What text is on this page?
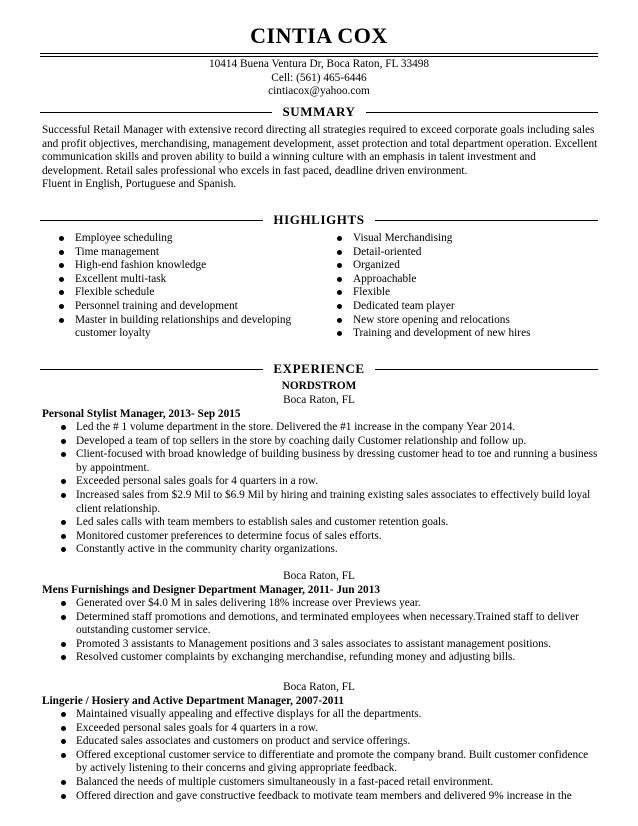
CINTIA COX
10414 Buena Ventura Dr, Boca Raton, FL 33498
Cell: (561) 465-6446
cintiacox@yahoo.com
SUMMARY

Successful Retail Manager with extensive record directing all strategies required to exceed corporate goals including sales and profit objectives, merchandising, management development, asset protection and total department operation. Excellent communication skills and proven ability to build a winning culture with an emphasis in talent investment and development. Retail sales professional who excels in fast paced, deadline driven environment.

Fluent in English, Portuguese and Spanish.

HIGHLIGHTS
Employee scheduling
Time management
High-end fashion knowledge
Excellent multi-task
Flexible schedule
Personnel training and development
Master in building relationships and developing customer loyalty
Visual Merchandising
Detail-oriented
Organized
Approachable
Flexible
Dedicated team player
New store opening and relocations
Training and development of new hires
EXPERIENCE
NORDSTROM
Boca Raton, FL
Personal Stylist Manager, 2013- Sep 2015
Led the # 1 volume department in the store. Delivered the #1 increase in the company Year 2014.
Developed a team of top sellers in the store by coaching daily Customer relationship and follow up.
Client-focused with broad knowledge of building business by dressing customer head to toe and running a business by appointment.
Exceeded personal sales goals for 4 quarters in a row.
Increased sales from $2.9 Mil to $6.9 Mil by hiring and training existing sales associates to effectively build loyal client relationship.
Led sales calls with team members to establish sales and customer retention goals.
Monitored customer preferences to determine focus of sales efforts.
Constantly active in the community charity organizations.
Boca Raton, FL
Mens Furnishings and Designer Department Manager, 2011- Jun 2013
Generated over $4.0 M in sales delivering 18% increase over Previews year.
Determined staff promotions and demotions, and terminated employees when necessary.Trained staff to deliver outstanding customer service.
Promoted 3 assistants to Management positions and 3 sales associates to assistant management positions.
Resolved customer complaints by exchanging merchandise, refunding money and adjusting bills.
Boca Raton, FL
Lingerie / Hosiery and Active Department Manager, 2007-2011
Maintained visually appealing and effective displays for all the departments.
Exceeded personal sales goals for 4 quarters in a row.
Educated sales associates and customers on product and service offerings.
Offered exceptional customer service to differentiate and promote the company brand. Built customer confidence by actively listening to their concerns and giving appropriate feedback.
Balanced the needs of multiple customers simultaneously in a fast-paced retail environment.
Offered direction and gave constructive feedback to motivate team members and delivered 9% increase in the
